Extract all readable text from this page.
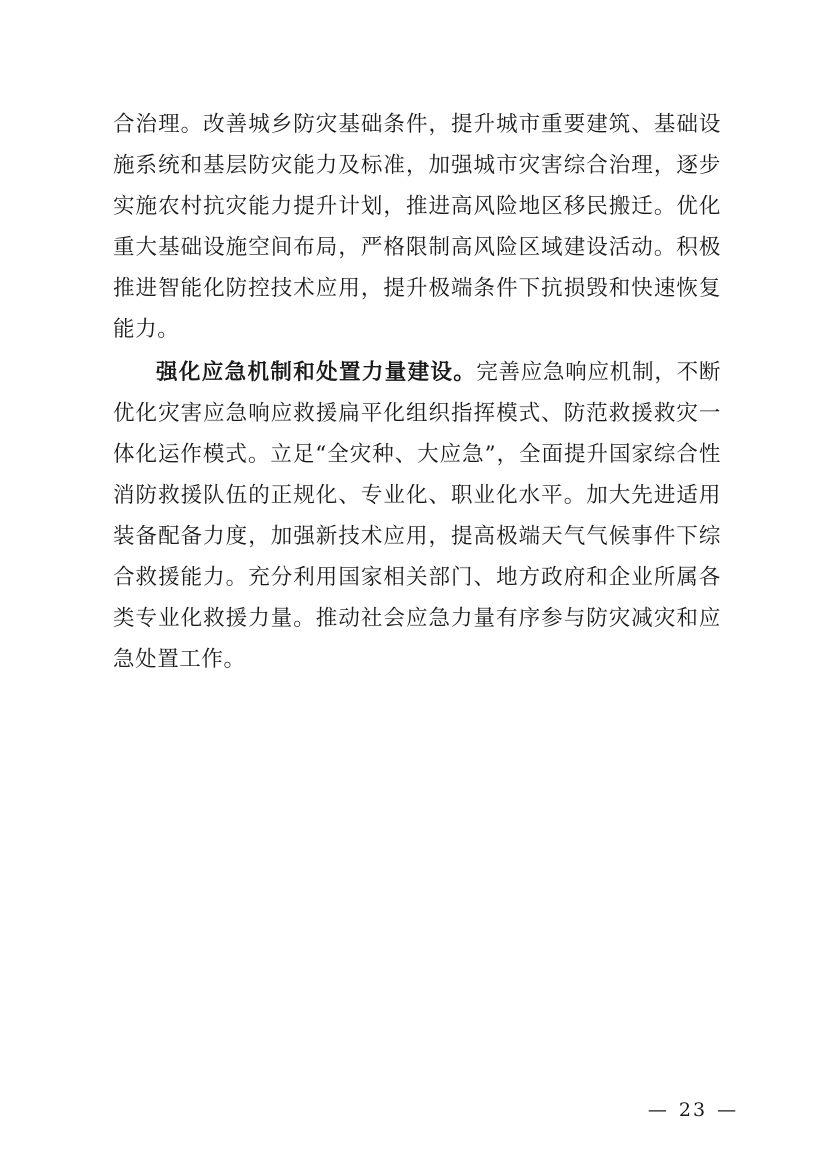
合治理。改善城乡防灾基础条件，提升城市重要建筑、基础设施系统和基层防灾能力及标准，加强城市灾害综合治理，逐步实施农村抗灾能力提升计划，推进高风险地区移民搬迁。优化重大基础设施空间布局，严格限制高风险区域建设活动。积极推进智能化防控技术应用，提升极端条件下抗损毁和快速恢复能力。

强化应急机制和处置力量建设。完善应急响应机制，不断优化灾害应急响应救援扁平化组织指挥模式、防范救援救灾一体化运作模式。立足“全灾种、大应急”，全面提升国家综合性消防救援队伍的正规化、专业化、职业化水平。加大先进适用装备配备力度，加强新技术应用，提高极端天气气候事件下综合救援能力。充分利用国家相关部门、地方政府和企业所属各类专业化救援力量。推动社会应急力量有序参与防灾减灾和应急处置工作。

— 23 —
